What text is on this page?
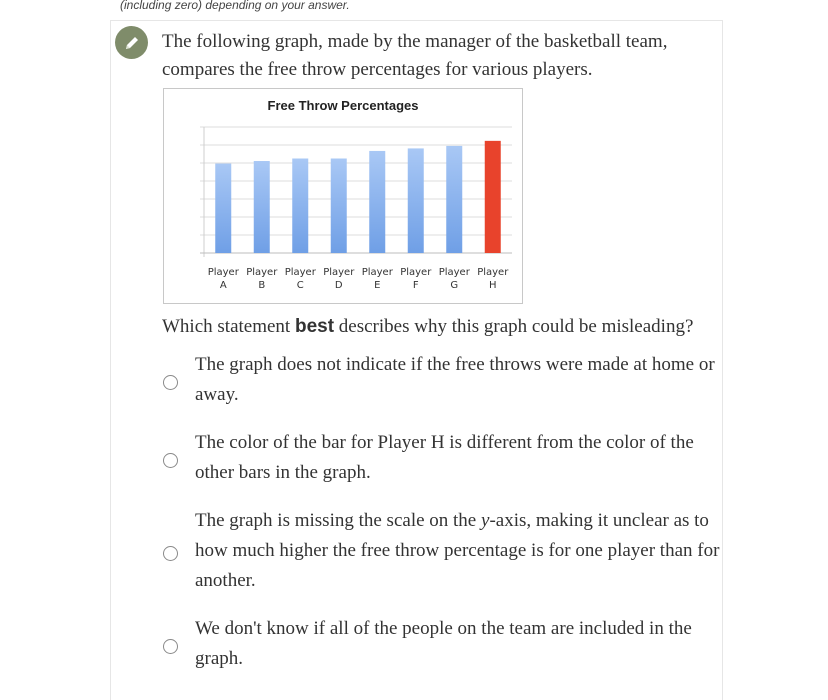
(including zero) depending on your answer.
The following graph, made by the manager of the basketball team, compares the free throw percentages for various players.
Free Throw Percentages
Player
A
Player
B
Player
C
Player
D
Player
E
Player
F
Player
G
Player
H
Which statement best describes why this graph could be misleading?
The graph does not indicate if the free throws were made at home or away.
The color of the bar for Player H is different from the color of the other bars in the graph.
The graph is missing the scale on the y-axis, making it unclear as to how much higher the free throw percentage is for one player than for another.
We don't know if all of the people on the team are included in the graph.
